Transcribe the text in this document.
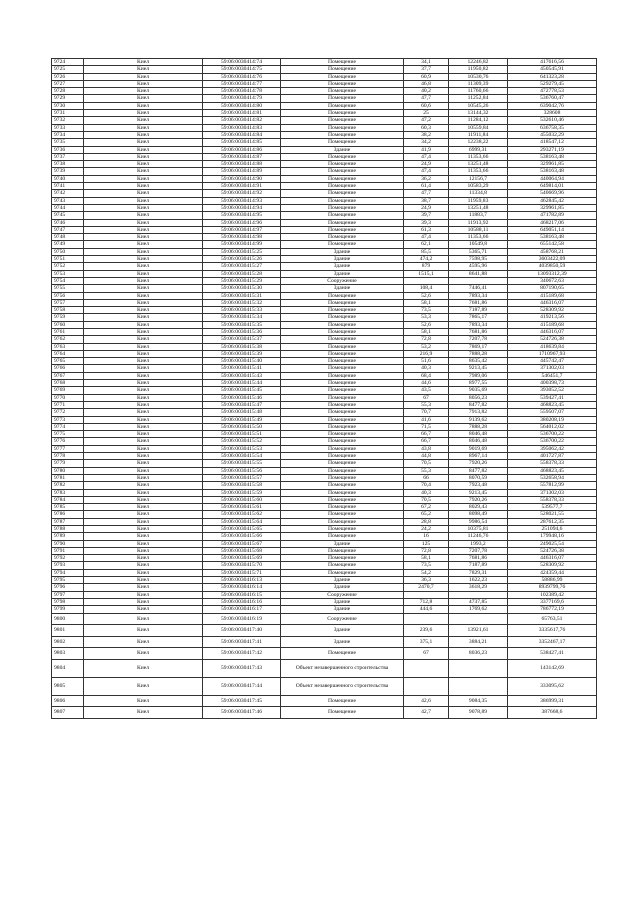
9724	Киел	59:06:0030414:74	Помещение	34,1	12246,82	417616,56
9725	Киел	59:06:0030414:75	Помещение	37,7	11950,82	450545,91
9726	Киел	59:06:0030414:76	Помещение	60,9	10530,76	641323,28
9727	Киел	59:06:0030414:77	Помещение	46,8	11309,39	529279,45
9728	Киел	59:06:0030414:78	Помещение	40,2	11760,66	472778,53
9729	Киел	59:06:0030414:79	Помещение	47,7	11252,84	536760,47
9730	Киел	59:06:0030414:80	Помещение	60,6	10545,26	639042,76
9731	Киел	59:06:0030414:81	Помещение	25	13144,32	328608
9732	Киел	59:06:0030414:82	Помещение	47,2	11284,12	532610,46
9733	Киел	59:06:0030414:83	Помещение	60,3	10559,84	636758,35
9734	Киел	59:06:0030414:84	Помещение	38,2	11911,84	455032,29
9735	Киел	59:06:0030414:85	Помещение	34,2	12238,22	418547,12
9736	Киел	59:06:0030414:86	Здание	41,9	6999,31	293271,19
9737	Киел	59:06:0030414:87	Помещение	47,4	11353,66	538163,48
9738	Киел	59:06:0030414:88	Помещение	24,9	13251,48	329961,85
9739	Киел	59:06:0030414:89	Помещение	47,4	11353,66	538163,48
9740	Киел	59:06:0030414:90	Помещение	36,2	12156,7	440064,94
9741	Киел	59:06:0030414:91	Помещение	61,4	10583,29	649814,01
9742	Киел	59:06:0030414:92	Помещение	47,7	11334,8	540669,96
9743	Киел	59:06:0030414:93	Помещение	38,7	11959,83	462845,42
9744	Киел	59:06:0030414:94	Помещение	24,9	13251,48	329961,85
9745	Киел	59:06:0030414:95	Помещение	39,7	11883,7	471782,89
9746	Киел	59:06:0030414:96	Помещение	39,3	11913,92	468217,06
9747	Киел	59:06:0030414:97	Помещение	61,3	10588,11	649051,14
9748	Киел	59:06:0030414:98	Помещение	47,4	11353,66	538163,48
9749	Киел	59:06:0030414:99	Помещение	62,1	10549,8	655142,58
9750	Киел	59:06:0030415:25	Здание	85,5	5365,71	458768,21
9751	Киел	59:06:0030415:26	Здание	474,2	7598,95	3603422,09
9752	Киел	59:06:0030415:27	Здание	879	4595,96	4039850,59
9753	Киел	59:06:0030415:28	Здание	1515,1	8641,88	13093312,39
9754	Киел	59:06:0030415:29	Сооружение			340672,63
9755	Киел	59:06:0030415:30	Здание	108,4	7446,41	807190,65
9756	Киел	59:06:0030415:31	Помещение	52,6	7893,34	415189,68
9757	Киел	59:06:0030415:32	Помещение	58,1	7681,86	446316,07
9758	Киел	59:06:0030415:33	Помещение	73,5	7187,89	528309,92
9759	Киел	59:06:0030415:34	Помещение	53,3	7865,17	419213,56
9760	Киел	59:06:0030415:35	Помещение	52,6	7893,34	415189,68
9761	Киел	59:06:0030415:36	Помещение	58,1	7681,86	446316,07
9762	Киел	59:06:0030415:37	Помещение	72,8	7207,78	524726,38
9763	Киел	59:06:0030415:38	Помещение	53,2	7869,17	418639,84
9764	Киел	59:06:0030415:39	Помещение	216,9	7888,28	1710967,93
9765	Киел	59:06:0030415:40	Помещение	51,6	8635,42	445742,47
9766	Киел	59:06:0030415:41	Помещение	40,3	9213,45	371302,03
9767	Киел	59:06:0030415:43	Помещение	68,4	7989,06	546451,7
9768	Киел	59:06:0030415:44	Помещение	44,6	8977,55	400398,73
9769	Киел	59:06:0030415:45	Помещение	43,5	9035,69	393052,52
9770	Киел	59:06:0030415:46	Помещение	67	8056,23	539427,41
9771	Киел	59:06:0030415:47	Помещение	55,3	8477,82	468823,45
9772	Киел	59:06:0030415:48	Помещение	70,7	7913,82	559507,07
9773	Киел	59:06:0030415:49	Помещение	41,6	9139,62	380208,19
9774	Киел	59:06:0030415:50	Помещение	71,5	7888,28	564012,02
9775	Киел	59:06:0030415:51	Помещение	66,7	8046,48	536700,22
9776	Киел	59:06:0030415:52	Помещение	66,7	8046,48	536700,22
9777	Киел	59:06:0030415:53	Помещение	43,8	9019,69	395062,42
9778	Киел	59:06:0030415:54	Помещение	44,8	8967,14	401727,87
9779	Киел	59:06:0030415:55	Помещение	70,5	7920,26	558378,33
9780	Киел	59:06:0030415:56	Помещение	55,3	8477,82	468823,45
9781	Киел	59:06:0030415:57	Помещение	66	8070,59	532658,94
9782	Киел	59:06:0030415:58	Помещение	70,4	7923,48	557812,99
9783	Киел	59:06:0030415:59	Помещение	40,3	9213,45	371302,03
9784	Киел	59:06:0030415:60	Помещение	70,5	7920,26	558378,33
9785	Киел	59:06:0030415:61	Помещение	67,2	8029,43	539577,7
9786	Киел	59:06:0030415:62	Помещение	65,2	8098,49	528021,55
9787	Киел	59:06:0030415:64	Помещение	28,8	9986,54	287612,35
9788	Киел	59:06:0030415:65	Помещение	24,2	10375,81	251094,6
9789	Киел	59:06:0030415:66	Помещение	16	11246,76	179948,16
9790	Киел	59:06:0030415:67	Здание	125	1993,2	249025,54
9791	Киел	59:06:0030415:68	Помещение	72,8	7207,78	524726,38
9792	Киел	59:06:0030415:69	Помещение	58,1	7681,86	446316,07
9793	Киел	59:06:0030415:70	Помещение	73,5	7187,89	528309,92
9794	Киел	59:06:0030415:71	Помещение	54,2	7829,31	424359,44
9795	Киел	59:06:0030416:13	Здание	36,3	1622,23	58886,99
9796	Киел	59:06:0030416:14	Здание	2470,7	3618,29	8939799,76
9797	Киел	59:06:0030416:15	Сооружение			102389,42
9798	Киел	59:06:0030416:16	Здание	712,8	4737,85	3377169,6
9799	Киел	59:06:0030416:17	Здание	444,6	1769,62	786772,19
9800	Киел	59:06:0030416:19	Сооружение			65763,51
9801	Киел	59:06:0030417:40	Здание	239,6	13921,61	3335617,76
9802	Киел	59:06:0030417:41	Здание	375,1	3884,21	3352467,17
9803	Киел	59:06:0030417:42	Помещение	67	8036,23	538427,41
9804	Киел	59:06:0030417:43	Объект незавершенного строительства			143142,69
9805	Киел	59:06:0030417:44	Объект незавершенного строительства			333095,62
9806	Киел	59:06:0030417:45	Помещение	42,6	9084,35	386999,31
9807	Киел	59:06:0030417:46	Помещение	42,7	9078,89	387668,6
